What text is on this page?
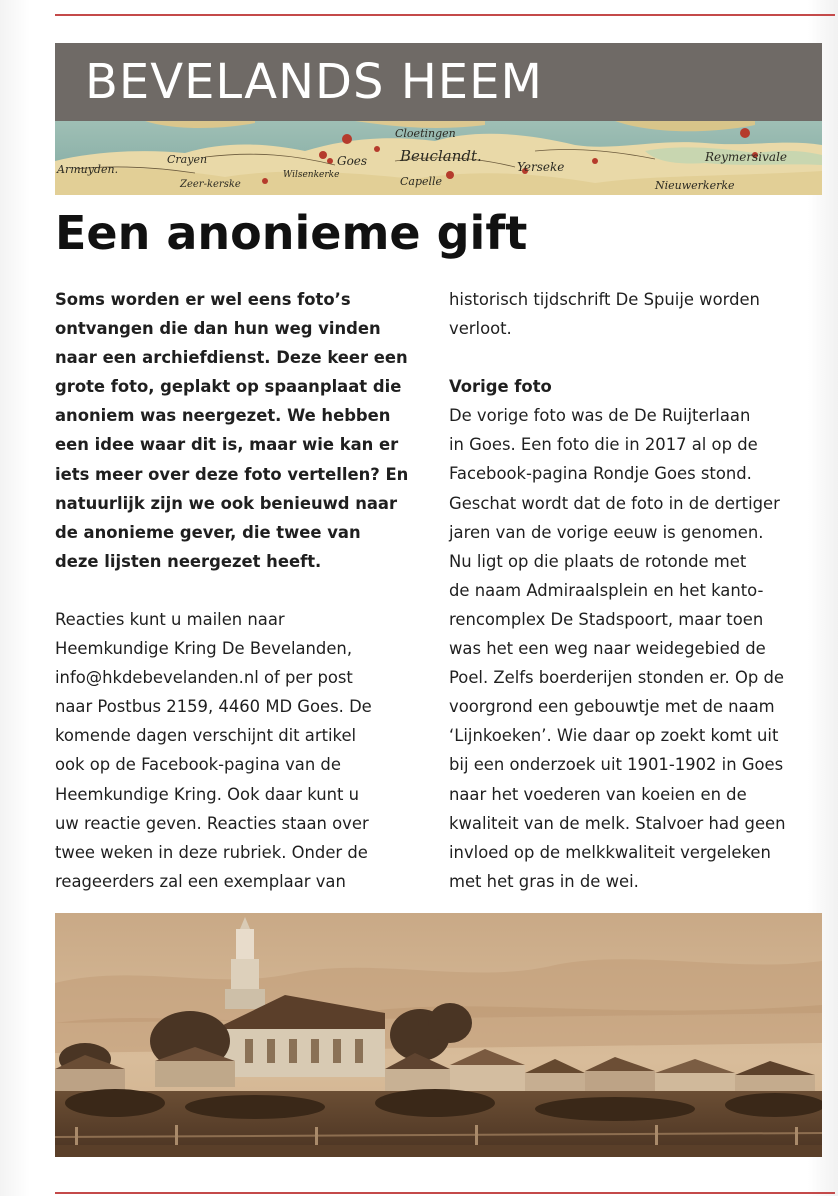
BEVELANDS HEEM
Armuyden.
Crayen	Goes Beuclandt.
Yerseke
Cloetingen
Capelle
Reymersivale
Nieuwerkerke
Zeer-kerske
Wilsenkerke
Een anonieme gift

Soms worden er wel eens foto’s

ontvangen die dan hun weg vinden

naar een archiefdienst. Deze keer een

grote foto, geplakt op spaanplaat die

anoniem was neergezet. We hebben

een idee waar dit is, maar wie kan er

iets meer over deze foto vertellen? En

natuurlijk zijn we ook benieuwd naar

de anonieme gever, die twee van

deze lijsten neergezet heeft.

Reacties kunt u mailen naar

Heemkundige Kring De Bevelanden,

info@hkdebevelanden.nl of per post

naar Postbus 2159, 4460 MD Goes. De

komende dagen verschijnt dit artikel

ook op de Facebook-pagina van de

Heemkundige Kring. Ook daar kunt u

uw reactie geven. Reacties staan over

twee weken in deze rubriek. Onder de

reageerders zal een exemplaar van

historisch tijdschrift De Spuije worden

verloot.

Vorige foto

De vorige foto was de De Ruijterlaan

in Goes. Een foto die in 2017 al op de

Facebook-pagina Rondje Goes stond.

Geschat wordt dat de foto in de dertiger

jaren van de vorige eeuw is genomen.

Nu ligt op die plaats de rotonde met

de naam Admiraalsplein en het kanto-

rencomplex De Stadspoort, maar toen

was het een weg naar weidegebied de

Poel. Zelfs boerderijen stonden er. Op de

voorgrond een gebouwtje met de naam

‘Lijnkoeken’. Wie daar op zoekt komt uit

bij een onderzoek uit 1901-1902 in Goes

naar het voederen van koeien en de

kwaliteit van de melk. Stalvoer had geen

invloed op de melkkwaliteit vergeleken

met het gras in de wei.
